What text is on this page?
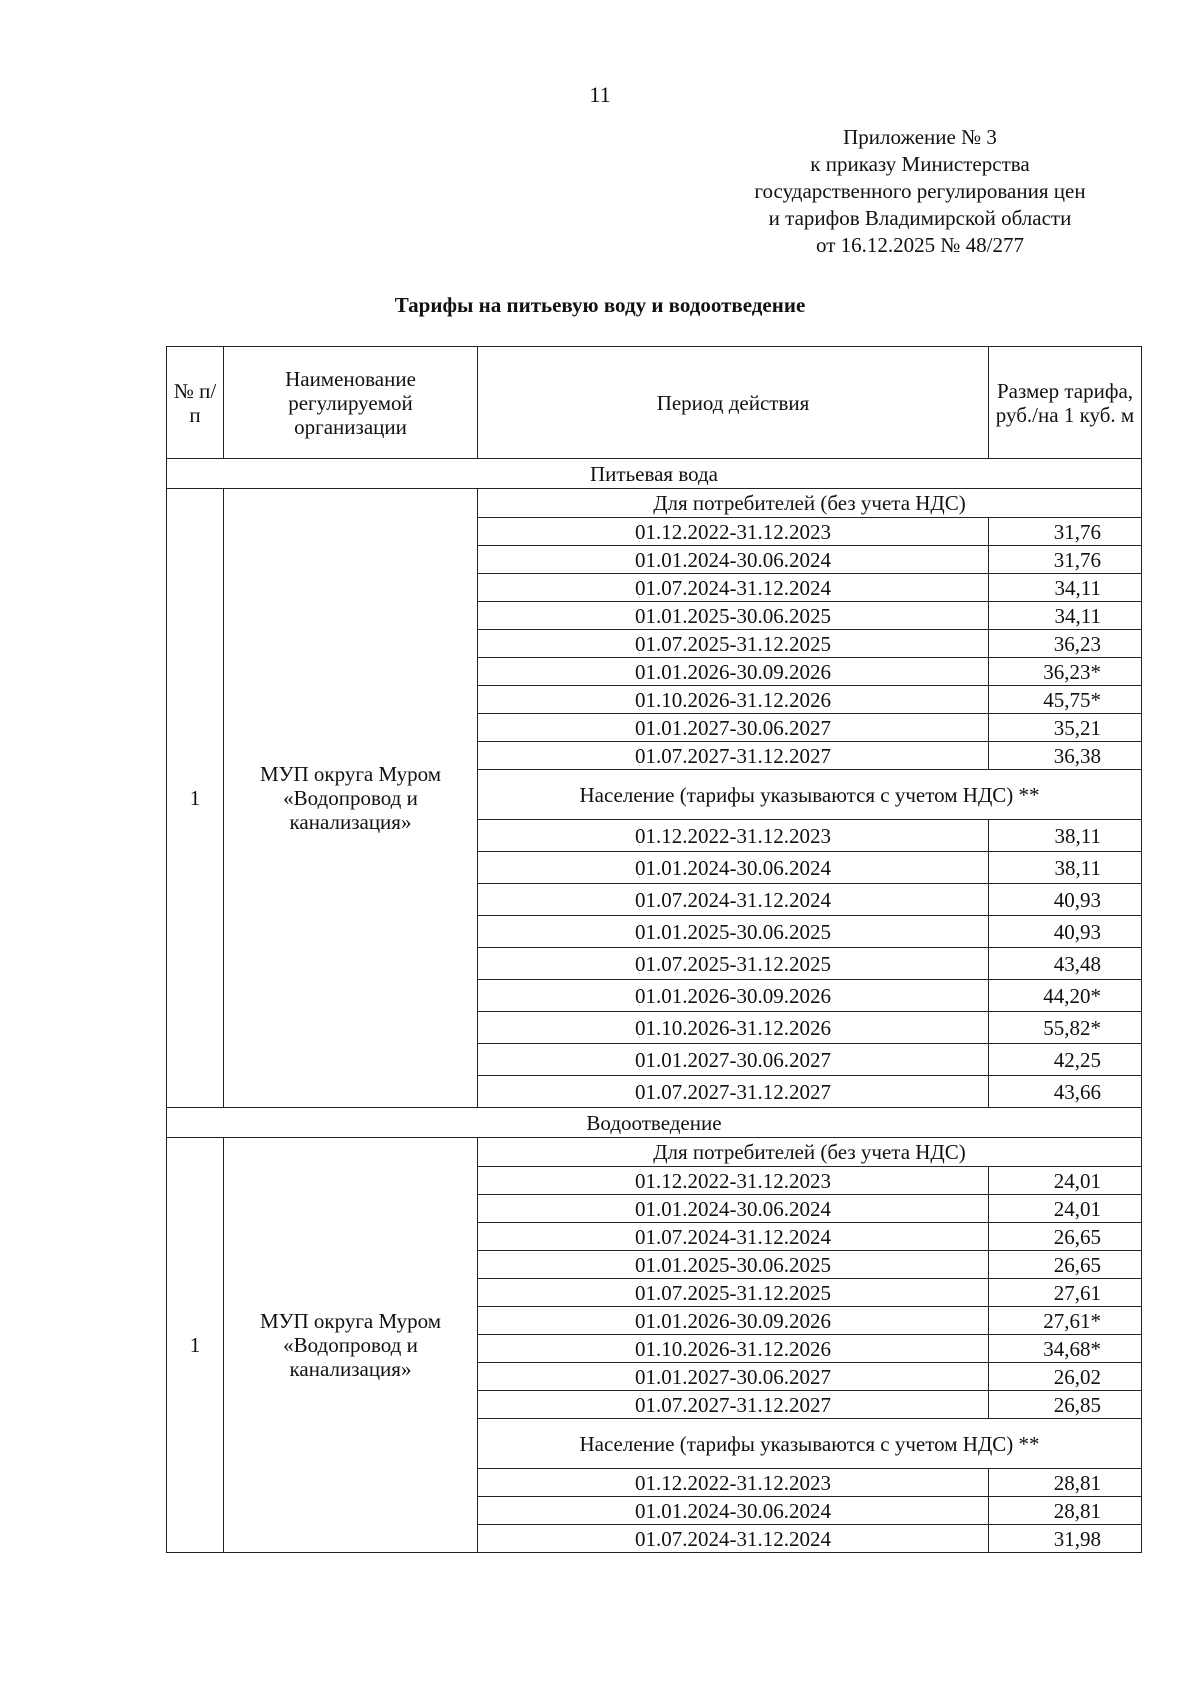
11
Приложение № 3
к приказу Министерства
государственного регулирования цен
и тарифов Владимирской области
от 16.12.2025 № 48/277
Тарифы на питьевую воду и водоотведение
№ п/п	Наименование регулируемой организации	Период действия	Размер тарифа, руб./на 1 куб. м
Питьевая вода			
1	МУП округа Муром «Водопровод и канализация»	Для потребителей (без учета НДС)	
		01.12.2022-31.12.2023	31,76
		01.01.2024-30.06.2024	31,76
		01.07.2024-31.12.2024	34,11
		01.01.2025-30.06.2025	34,11
		01.07.2025-31.12.2025	36,23
		01.01.2026-30.09.2026	36,23*
		01.10.2026-31.12.2026	45,75*
		01.01.2027-30.06.2027	35,21
		01.07.2027-31.12.2027	36,38
		Население (тарифы указываются с учетом НДС) **	
		01.12.2022-31.12.2023	38,11
		01.01.2024-30.06.2024	38,11
		01.07.2024-31.12.2024	40,93
		01.01.2025-30.06.2025	40,93
		01.07.2025-31.12.2025	43,48
		01.01.2026-30.09.2026	44,20*
		01.10.2026-31.12.2026	55,82*
		01.01.2027-30.06.2027	42,25
		01.07.2027-31.12.2027	43,66
Водоотведение			
1	МУП округа Муром «Водопровод и канализация»	Для потребителей (без учета НДС)	
		01.12.2022-31.12.2023	24,01
		01.01.2024-30.06.2024	24,01
		01.07.2024-31.12.2024	26,65
		01.01.2025-30.06.2025	26,65
		01.07.2025-31.12.2025	27,61
		01.01.2026-30.09.2026	27,61*
		01.10.2026-31.12.2026	34,68*
		01.01.2027-30.06.2027	26,02
		01.07.2027-31.12.2027	26,85
		Население (тарифы указываются с учетом НДС) **	
		01.12.2022-31.12.2023	28,81
		01.01.2024-30.06.2024	28,81
		01.07.2024-31.12.2024	31,98
